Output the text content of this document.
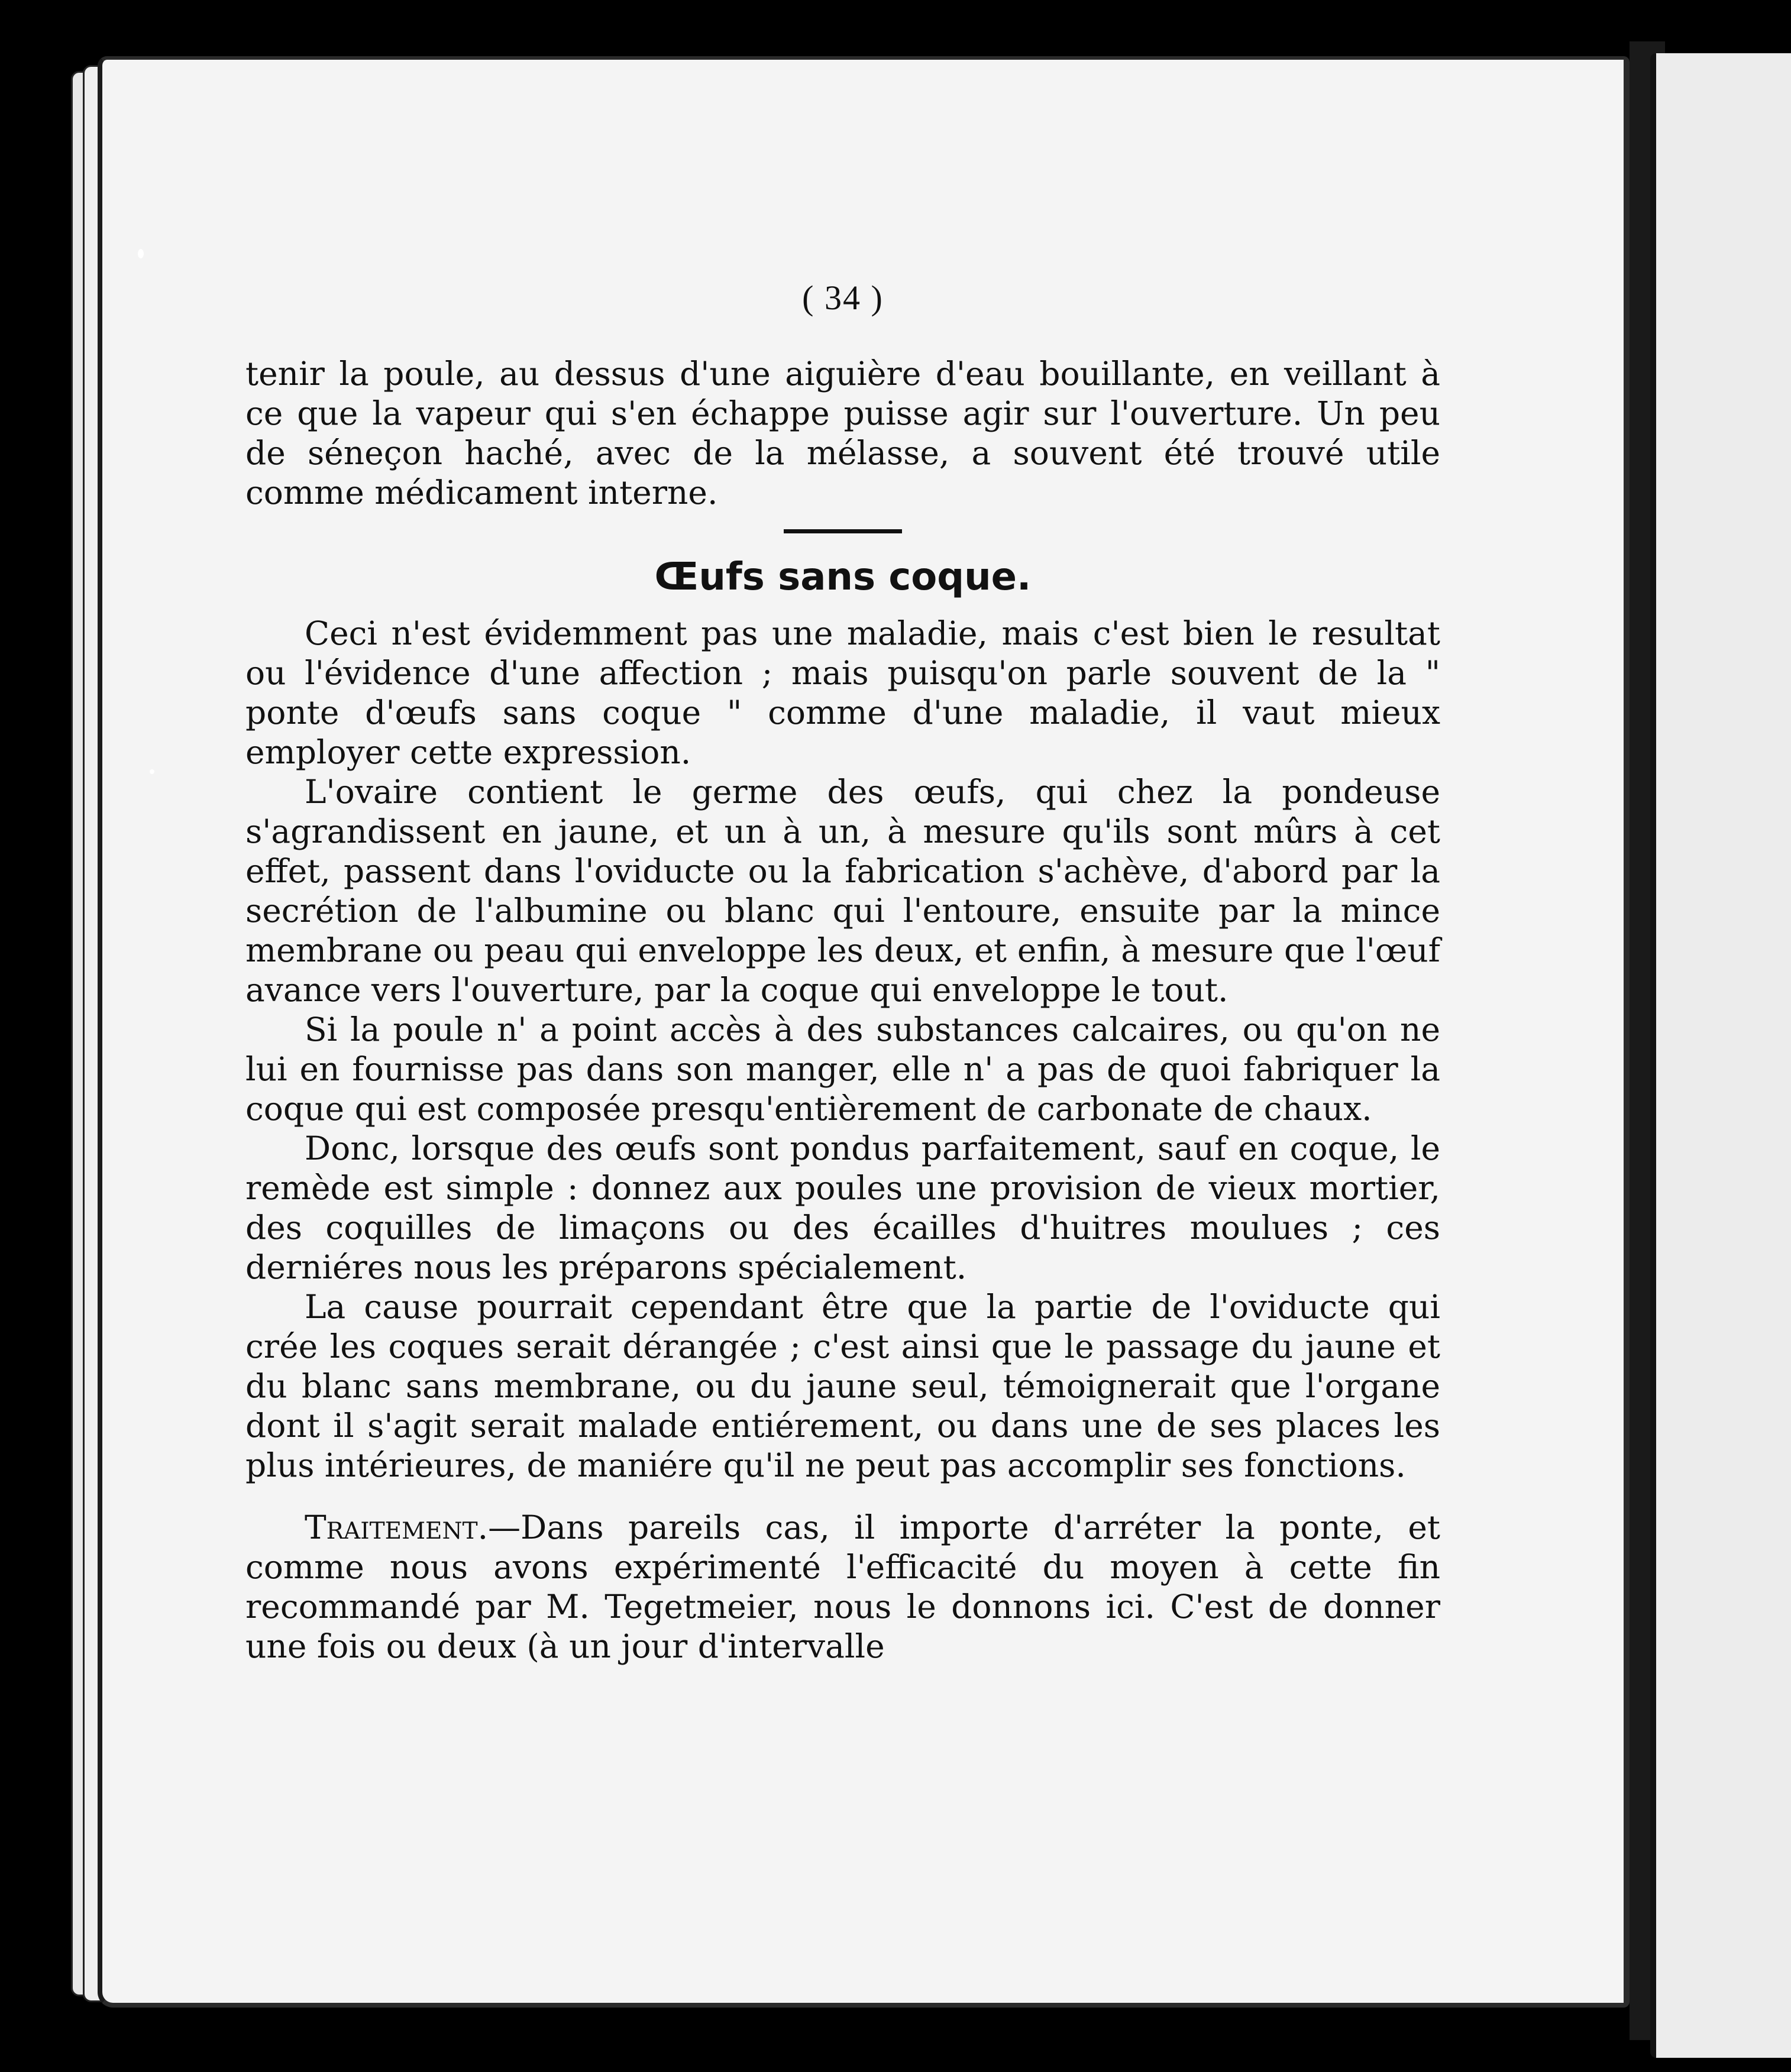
( 34 )

tenir la poule, au dessus d'une aiguière d'eau bouillante, en veillant à ce que la vapeur qui s'en échappe puisse agir sur l'ouverture. Un peu de séneçon haché, avec de la mélasse, a souvent été trouvé utile comme médicament interne.

Œufs sans coque.

Ceci n'est évidemment pas une maladie, mais c'est bien le resultat ou l'évidence d'une affection ; mais puisqu'on parle souvent de la " ponte d'œufs sans coque " comme d'une maladie, il vaut mieux employer cette expression.

L'ovaire contient le germe des œufs, qui chez la pondeuse s'agrandissent en jaune, et un à un, à mesure qu'ils sont mûrs à cet effet, passent dans l'oviducte ou la fabrication s'achève, d'abord par la secrétion de l'albumine ou blanc qui l'entoure, ensuite par la mince membrane ou peau qui enveloppe les deux, et enfin, à mesure que l'œuf avance vers l'ouverture, par la coque qui enveloppe le tout.

Si la poule n' a point accès à des substances calcaires, ou qu'on ne lui en fournisse pas dans son manger, elle n' a pas de quoi fabriquer la coque qui est composée presqu'entièrement de carbonate de chaux.

Donc, lorsque des œufs sont pondus parfaitement, sauf en coque, le remède est simple : donnez aux poules une provision de vieux mortier, des coquilles de limaçons ou des écailles d'huitres moulues ; ces derniéres nous les préparons spécialement.

La cause pourrait cependant être que la partie de l'oviducte qui crée les coques serait dérangée ; c'est ainsi que le passage du jaune et du blanc sans membrane, ou du jaune seul, témoignerait que l'organe dont il s'agit serait malade entiérement, ou dans une de ses places les plus intérieures, de maniére qu'il ne peut pas accomplir ses fonctions.

Traitement.—Dans pareils cas, il importe d'arréter la ponte, et comme nous avons expérimenté l'efficacité du moyen à cette fin recommandé par M. Tegetmeier, nous le donnons ici. C'est de donner une fois ou deux (à un jour d'intervalle
